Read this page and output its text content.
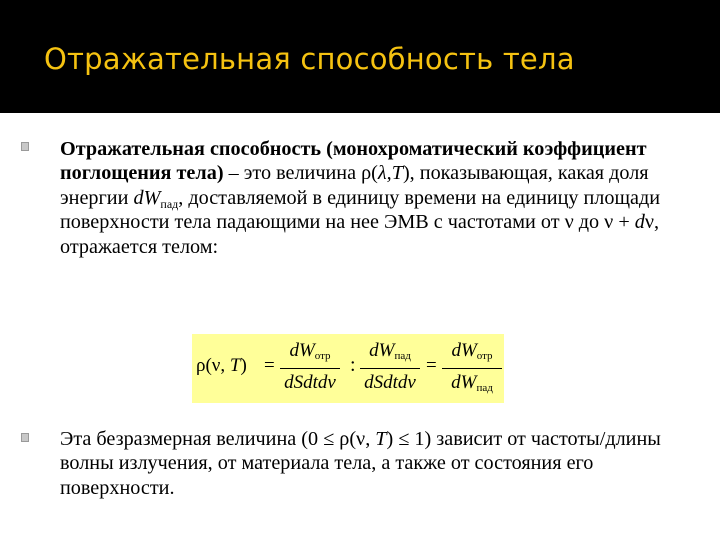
Отражательная способность тела

Отражательная способность (монохроматический коэффициент поглощения тела) – это величина ρ(λ,T), показывающая, какая доля энергии $dW_{пад}$, доставляемой в единицу времени на единицу площади поверхности тела падающими на нее ЭМВ с частотами от ν до ν + dν, отражается телом:

ρ(ν, T) =
$dW_{отр}$
dSdtdν
:
$dW_{пад}$
dSdtdν
=
$dW_{отр}$
$dW_{пад}$

Эта безразмерная величина (0 ≤ ρ(ν, T) ≤ 1) зависит от частоты/длины волны излучения, от материала тела, а также от состояния его поверхности.
